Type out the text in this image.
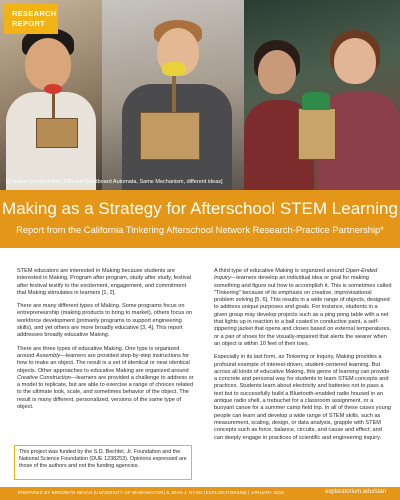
RESEARCH
REPORT
[Creative Construction: Different Cardboard Automata, Same Mechanism, different ideas]
Making as a Strategy for Afterschool STEM Learning
Report from the California Tinkering Afterschool Network Research-Practice Partnership*

STEM educators are interested in Making because students are interested in Making. Program after program, study after study, festival after festival testify to the excitement, engagement, and commitment that Making stimulates in learners [1, 2].

There are many different types of Making. Some programs focus on entrepreneurship (making products to bring to market), others focus on workforce development (primarily programs to support engineering skills), and yet others are more broadly educative [3, 4]. This report addresses broadly educative Making.

There are three types of educative Making. One type is organized around Assembly—learners are provided step-by-step instructions for how to make an object. The result is a set of identical or near identical objects. Other approaches to educative Making are organized around Creative Construction—learners are provided a challenge to address or a model to replicate, but are able to exercise a range of choices related to the ultimate look, scale, and sometimes behavior of the object. The result is many different, personalized, versions of the same type of object.

This project was funded by the S.D. Bechtel, Jr. Foundation and the National Science Foundation (DUE 1238253). Opinions expressed are those of the authors and not the funding agencies.

A third type of educative Making is organized around Open-Ended Inquiry—learners develop an individual idea or goal for making something and figure out how to accomplish it. This is sometimes called "Tinkering" because of its emphasis on creative, improvisational problem solving [5, 6]. This results in a wide range of objects, designed to address unique purposes and goals. For instance, students in a given group may develop projects such as a ping pong table with a net that lights up in reaction to a ball coated in conductive paint, a self-zippering jacket that opens and closes based on external temperatures, or a pair of shoes for the visually-impaired that alerts the wearer when an object is within 10 feet of their toes.

Especially in its last form, as Tinkering or Inquiry, Making provides a profound example of interest-driven, student-centered learning. But across all kinds of educative Making, this genre of learning can provide a concrete and personal way for students to learn STEM concepts and practices. Students learn about electricity and batteries not to pass a test but to successfully build a Bluetooth-enabled radio housed in an antique radio shell, a trebuchet for a classroom assignment, or a buoyant canoe for a summer camp field trip. In all of these cases young people can learn and develop a wide range of STEM skills, such as measurement, scaling, design, or data analysis, grapple with STEM concepts such as force, balance, circuits, and cause and effect; and can deeply engage in practices of scientific and engineering inquiry.

PREPARED BY BRONWYN BEVAN (UNIVERSITY OF WASHINGTON) & JEAN J. RYOO (EXPLORATORIUM) | JANUARY 2016	exploratorium.edu/stan
